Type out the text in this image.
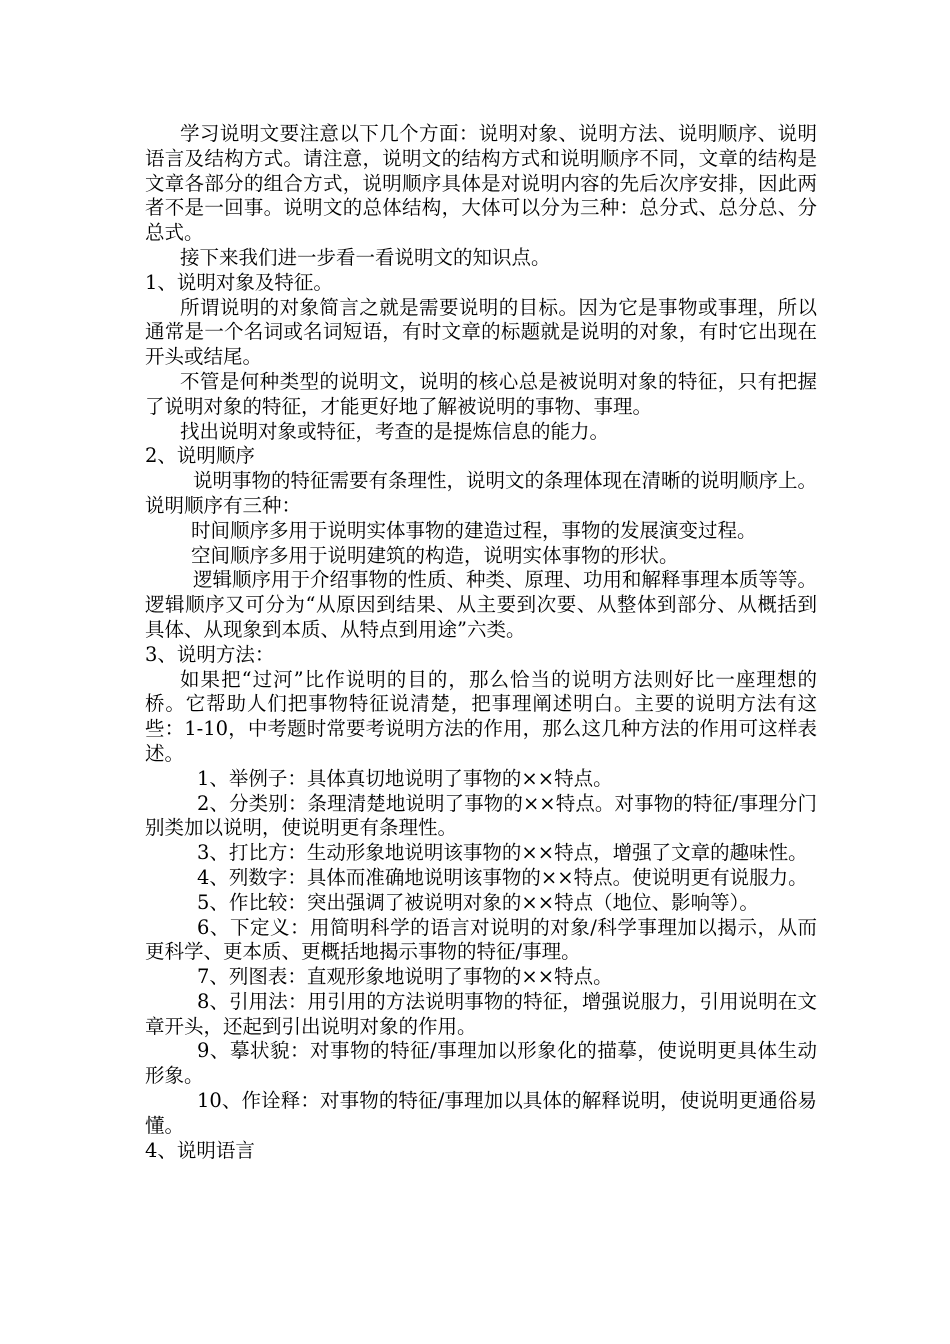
学习说明文要注意以下几个方面：说明对象、说明方法、说明顺序、说明语言及结构方式。请注意，说明文的结构方式和说明顺序不同，文章的结构是文章各部分的组合方式，说明顺序具体是对说明内容的先后次序安排，因此两者不是一回事。说明文的总体结构，大体可以分为三种：总分式、总分总、分总式。

接下来我们进一步看一看说明文的知识点。

1、说明对象及特征。

所谓说明的对象简言之就是需要说明的目标。因为它是事物或事理，所以通常是一个名词或名词短语，有时文章的标题就是说明的对象，有时它出现在开头或结尾。

不管是何种类型的说明文，说明的核心总是被说明对象的特征，只有把握了说明对象的特征，才能更好地了解被说明的事物、事理。

找出说明对象或特征，考查的是提炼信息的能力。

2、说明顺序

说明事物的特征需要有条理性，说明文的条理体现在清晰的说明顺序上。说明顺序有三种：

时间顺序多用于说明实体事物的建造过程，事物的发展演变过程。

空间顺序多用于说明建筑的构造，说明实体事物的形状。

逻辑顺序用于介绍事物的性质、种类、原理、功用和解释事理本质等等。逻辑顺序又可分为“从原因到结果、从主要到次要、从整体到部分、从概括到具体、从现象到本质、从特点到用途”六类。

3、说明方法：

如果把“过河”比作说明的目的，那么恰当的说明方法则好比一座理想的桥。它帮助人们把事物特征说清楚，把事理阐述明白。主要的说明方法有这些：1-10，中考题时常要考说明方法的作用，那么这几种方法的作用可这样表述。

1、举例子：具体真切地说明了事物的××特点。

2、分类别：条理清楚地说明了事物的××特点。对事物的特征/事理分门别类加以说明，使说明更有条理性。

3、打比方：生动形象地说明该事物的××特点，增强了文章的趣味性。

4、列数字：具体而准确地说明该事物的××特点。使说明更有说服力。

5、作比较：突出强调了被说明对象的××特点（地位、影响等）。

6、下定义：用简明科学的语言对说明的对象/科学事理加以揭示，从而更科学、更本质、更概括地揭示事物的特征/事理。

7、列图表：直观形象地说明了事物的××特点。

8、引用法：用引用的方法说明事物的特征，增强说服力，引用说明在文章开头，还起到引出说明对象的作用。

9、摹状貌：对事物的特征/事理加以形象化的描摹，使说明更具体生动形象。

10、作诠释：对事物的特征/事理加以具体的解释说明，使说明更通俗易懂。

4、说明语言
